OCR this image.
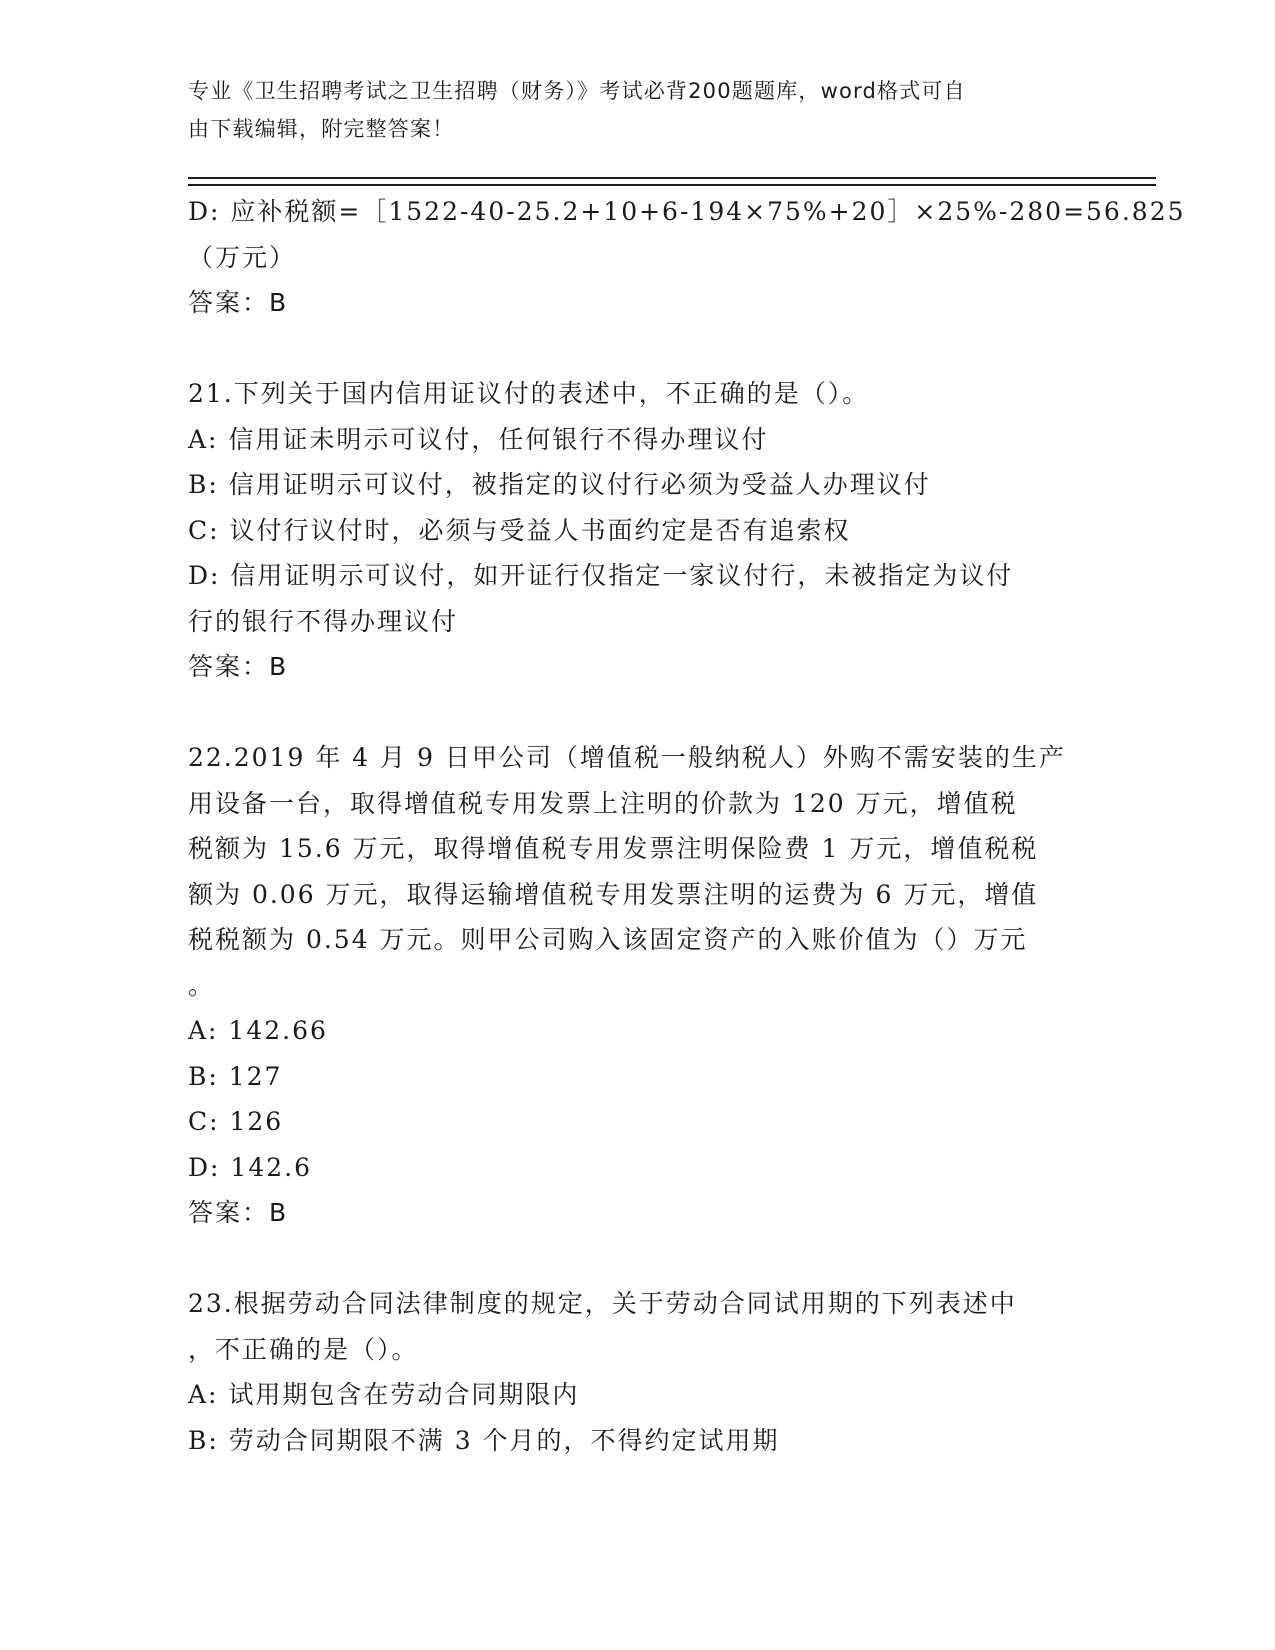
专业《卫生招聘考试之卫生招聘（财务）》考试必背200题题库，word格式可自
由下载编辑，附完整答案！
D: 应补税额=［1522-40-25.2+10+6-194×75%+20］×25%-280=56.825
（万元）
答案：B
21.下列关于国内信用证议付的表述中，不正确的是（）。
A: 信用证未明示可议付，任何银行不得办理议付
B: 信用证明示可议付，被指定的议付行必须为受益人办理议付
C: 议付行议付时，必须与受益人书面约定是否有追索权
D: 信用证明示可议付，如开证行仅指定一家议付行，未被指定为议付
行的银行不得办理议付
答案：B
22.2019 年 4 月 9 日甲公司（增值税一般纳税人）外购不需安装的生产
用设备一台，取得增值税专用发票上注明的价款为 120 万元，增值税
税额为 15.6 万元，取得增值税专用发票注明保险费 1 万元，增值税税
额为 0.06 万元，取得运输增值税专用发票注明的运费为 6 万元，增值
税税额为 0.54 万元。则甲公司购入该固定资产的入账价值为（）万元
。
A: 142.66
B: 127
C: 126
D: 142.6
答案：B
23.根据劳动合同法律制度的规定，关于劳动合同试用期的下列表述中
，不正确的是（）。
A: 试用期包含在劳动合同期限内
B: 劳动合同期限不满 3 个月的，不得约定试用期
